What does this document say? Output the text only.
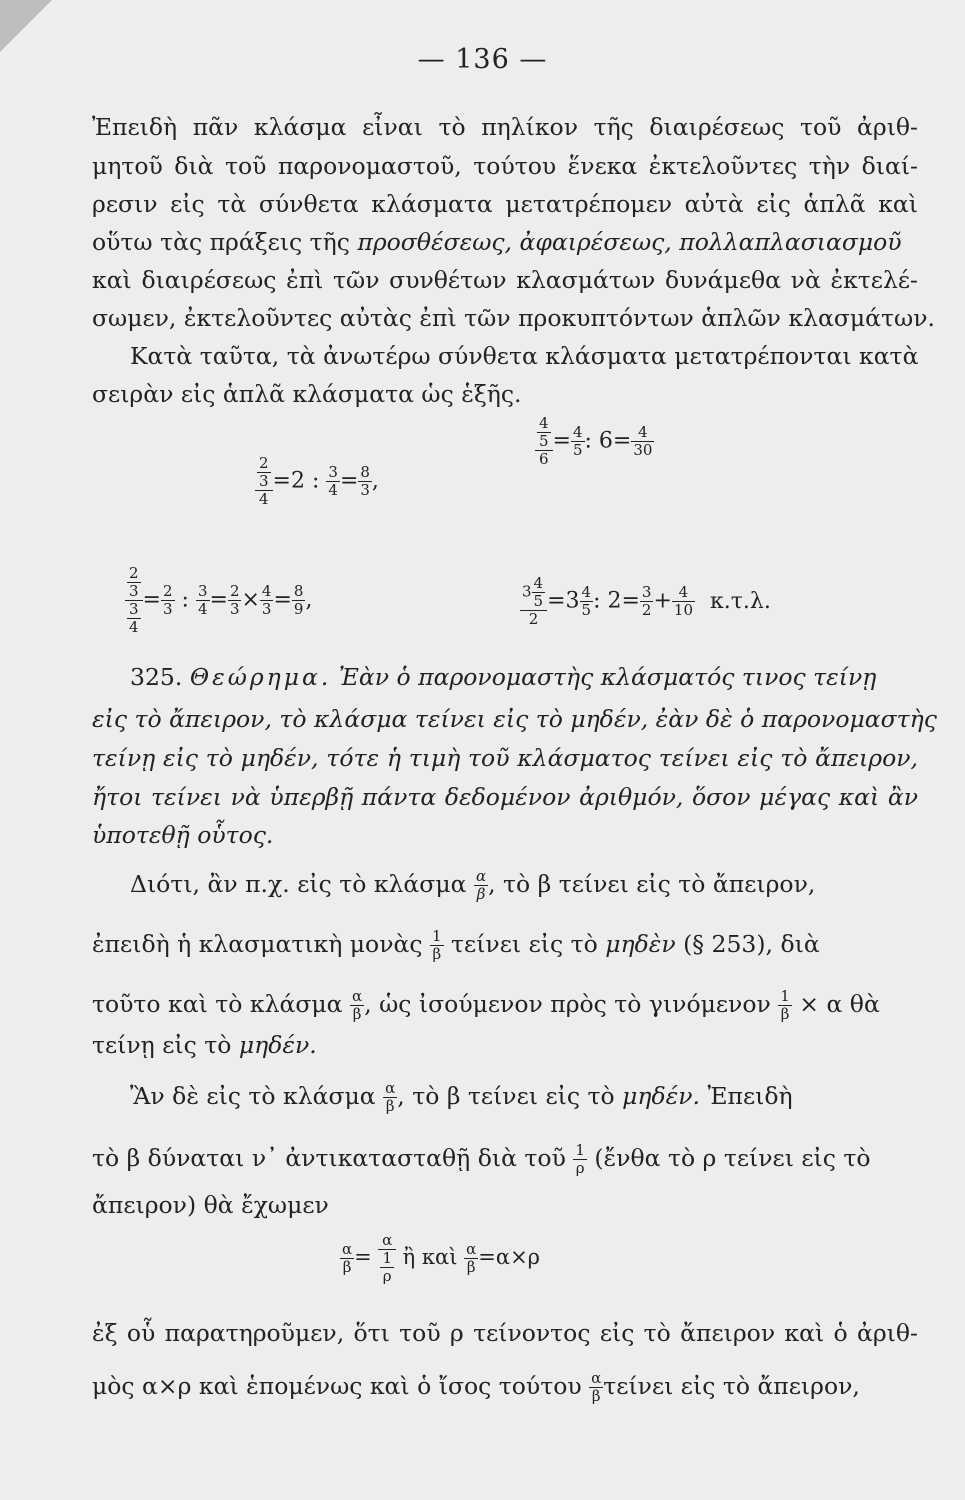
— 136 —
Ἐπειδὴ πᾶν κλάσμα εἶναι τὸ πηλίκον τῆς διαιρέσεως τοῦ ἀριθ-
μητοῦ διὰ τοῦ παρονομαστοῦ, τούτου ἕνεκα ἐκτελοῦντες τὴν διαί-
ρεσιν εἰς τὰ σύνθετα κλάσματα μετατρέπομεν αὐτὰ εἰς ἁπλᾶ καὶ
οὕτω τὰς πράξεις τῆς προσθέσεως, ἀφαιρέσεως, πολλαπλασιασμοῦ
καὶ διαιρέσεως ἐπὶ τῶν συνθέτων κλασμάτων δυνάμεθα νὰ ἐκτελέ-
σωμεν, ἐκτελοῦντες αὐτὰς ἐπὶ τῶν προκυπτόντων ἁπλῶν κλασμάτων.
Κατὰ ταῦτα, τὰ ἀνωτέρω σύνθετα κλάσματα μετατρέπονται κατὰ
σειρὰν εἰς ἁπλᾶ κλάσματα ὡς ἑξῆς.
$\frac{\frac{2}{3}}{4} =2$ : $\frac{3}{4} = \frac{8}{3}$ ,
$\frac{\frac{4}{5}}{6} = \frac{4}{5}$ : $6= \frac{4}{30}$
$\frac{\frac{2}{3}}{\frac{3}{4}} = \frac{2}{3}$ : $\frac{3}{4} = \frac{2}{3} \times \frac{4}{3} = \frac{8}{9}$ ,	$\frac{3 \frac{4}{5}}{2} =3 \frac{4}{5}$ : $2= \frac{3}{2} + \frac{4}{10} \kappa.\tau.\lambda$.
325. Θεώρημα. Ἐὰν ὁ παρονομαστὴς κλάσματός τινος τείνῃ
εἰς τὸ ἄπειρον, τὸ κλάσμα τείνει εἰς τὸ μηδέν, ἐὰν δὲ ὁ παρονομαστὴς
τείνῃ εἰς τὸ μηδέν, τότε ἡ τιμὴ τοῦ κλάσματος τείνει εἰς τὸ ἄπειρον,
ἤτοι τείνει νὰ ὑπερβῇ πάντα δεδομένον ἀριθμόν, ὅσον μέγας καὶ ἂν
ὑποτεθῇ οὗτος.
Διότι, ἂν π.χ. εἰς τὸ κλάσμα $\frac{\alpha}{\beta}$ , τὸ β τείνει εἰς τὸ ἄπειρον,
ἐπειδὴ ἡ κλασματικὴ μονὰς $\frac{1}{\beta}$ τείνει εἰς τὸ μηδὲν (§ 253), διὰ
τοῦτο καὶ τὸ κλάσμα $\frac{\alpha}{\beta}$ , ὡς ἰσούμενον πρὸς τὸ γινόμενον $\frac{1}{\beta} \times \alpha$ θὰ
τείνῃ εἰς τὸ μηδέν.
Ἂν δὲ εἰς τὸ κλάσμα $\frac{\alpha}{\beta}$ , τὸ β τείνει εἰς τὸ μηδέν. Ἐπειδὴ
τὸ β δύναται ν᾽ ἀντικατασταθῇ διὰ τοῦ $\frac{1}{\rho}$ (ἔνθα τὸ ρ τείνει εἰς τὸ
ἄπειρον) θὰ ἔχωμεν
$\frac{\alpha}{\beta} = \frac{\alpha}{\frac{1}{\rho}}$ ἢ καὶ $\frac{\alpha}{\beta} =\alpha\times\rho$
ἐξ οὗ παρατηροῦμεν, ὅτι τοῦ ρ τείνοντος εἰς τὸ ἄπειρον καὶ ὁ ἀριθ-
μὸς α×ρ καὶ ἑπομένως καὶ ὁ ἴσος τούτου $\frac{\alpha}{\beta}$ τείνει εἰς τὸ ἄπειρον,
